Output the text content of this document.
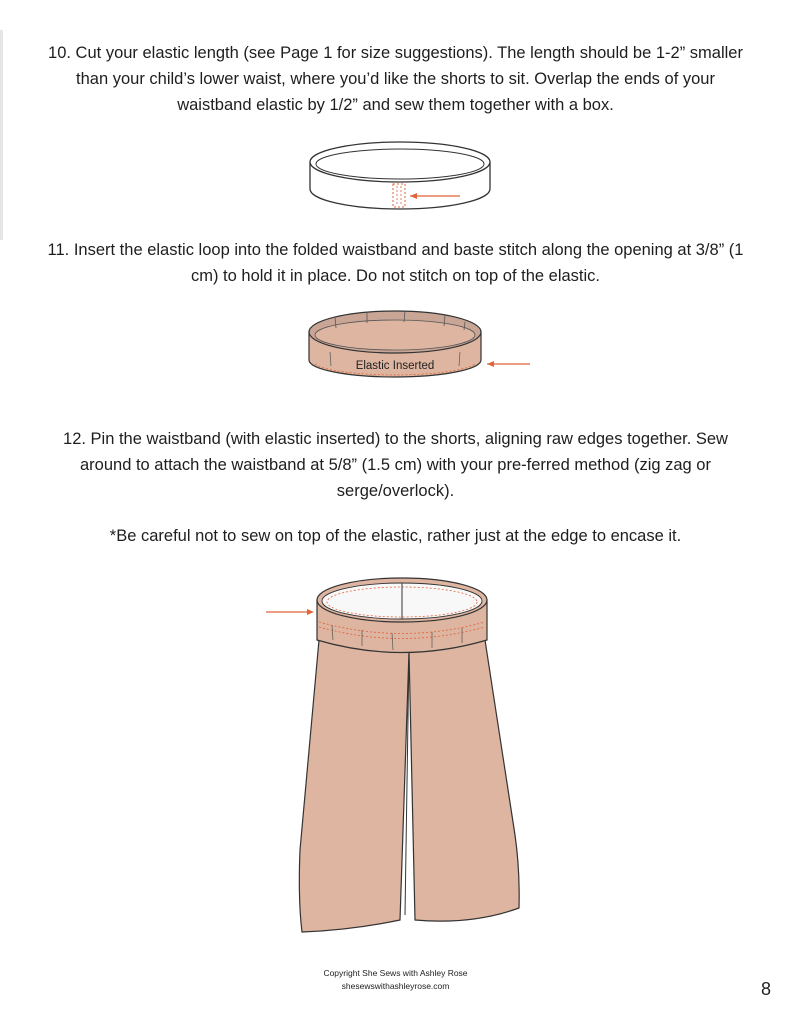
10. Cut your elastic length (see Page 1 for size suggestions). The length should be 1-2” smaller than your child’s lower waist, where you’d like the shorts to sit. Overlap the ends of your waistband elastic by 1/2” and sew them together with a box.

11. Insert the elastic loop into the folded waistband and baste stitch along the opening at 3/8” (1 cm) to hold it in place. Do not stitch on top of the elastic.

Elastic Inserted

12. Pin the waistband (with elastic inserted) to the shorts, aligning raw edges together. Sew around to attach the waistband at 5/8” (1.5 cm) with your pre-ferred method (zig zag or serge/overlock).

*Be careful not to sew on top of the elastic, rather just at the edge to encase it.

Copyright She Sews with Ashley Rose
shesewswithashleyrose.com	8
